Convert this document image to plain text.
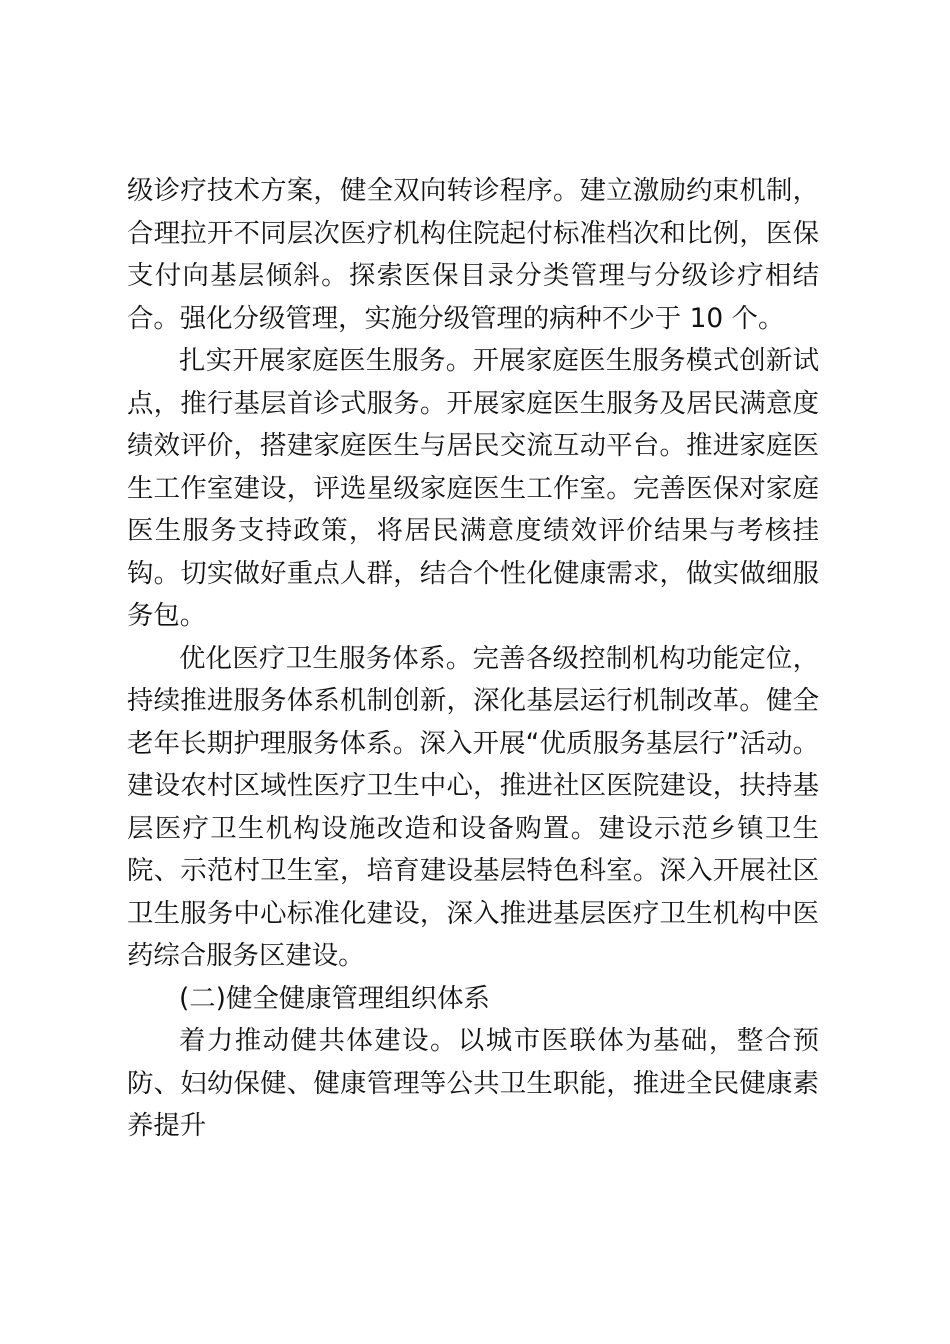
级诊疗技术方案，健全双向转诊程序。建立激励约束机制，合理拉开不同层次医疗机构住院起付标准档次和比例，医保支付向基层倾斜。探索医保目录分类管理与分级诊疗相结合。强化分级管理，实施分级管理的病种不少于 10 个。

扎实开展家庭医生服务。开展家庭医生服务模式创新试点，推行基层首诊式服务。开展家庭医生服务及居民满意度绩效评价，搭建家庭医生与居民交流互动平台。推进家庭医生工作室建设，评选星级家庭医生工作室。完善医保对家庭医生服务支持政策，将居民满意度绩效评价结果与考核挂钩。切实做好重点人群，结合个性化健康需求，做实做细服务包。

优化医疗卫生服务体系。完善各级控制机构功能定位，持续推进服务体系机制创新，深化基层运行机制改革。健全老年长期护理服务体系。深入开展“优质服务基层行”活动。建设农村区域性医疗卫生中心，推进社区医院建设，扶持基层医疗卫生机构设施改造和设备购置。建设示范乡镇卫生院、示范村卫生室，培育建设基层特色科室。深入开展社区卫生服务中心标准化建设，深入推进基层医疗卫生机构中医药综合服务区建设。

(二)健全健康管理组织体系

着力推动健共体建设。以城市医联体为基础，整合预防、妇幼保健、健康管理等公共卫生职能，推进全民健康素养提升
